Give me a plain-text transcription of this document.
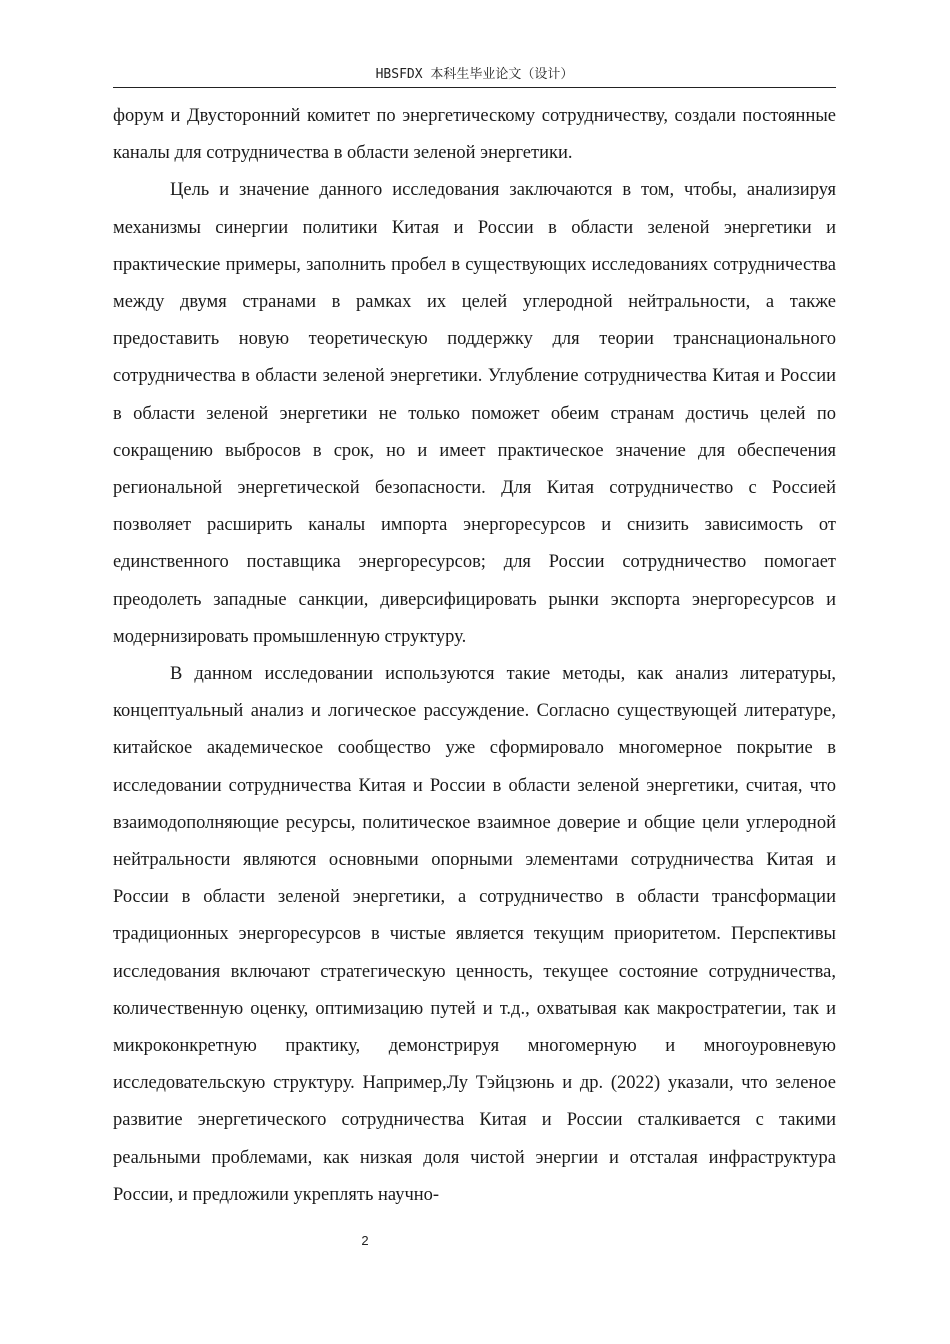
HBSFDX 本科生毕业论文（设计）

форум и Двусторонний комитет по энергетическому сотрудничеству, создали постоянные каналы для сотрудничества в области зеленой энергетики.

Цель и значение данного исследования заключаются в том, чтобы, анализируя механизмы синергии политики Китая и России в области зеленой энергетики и практические примеры, заполнить пробел в существующих исследованиях сотрудничества между двумя странами в рамках их целей углеродной нейтральности, а также предоставить новую теоретическую поддержку для теории транснационального сотрудничества в области зеленой энергетики. Углубление сотрудничества Китая и России в области зеленой энергетики не только поможет обеим странам достичь целей по сокращению выбросов в срок, но и имеет практическое значение для обеспечения региональной энергетической безопасности. Для Китая сотрудничество с Россией позволяет расширить каналы импорта энергоресурсов и снизить зависимость от единственного поставщика энергоресурсов; для России сотрудничество помогает преодолеть западные санкции, диверсифицировать рынки экспорта энергоресурсов и модернизировать промышленную структуру.

В данном исследовании используются такие методы, как анализ литературы, концептуальный анализ и логическое рассуждение. Согласно существующей литературе, китайское академическое сообщество уже сформировало многомерное покрытие в исследовании сотрудничества Китая и России в области зеленой энергетики, считая, что взаимодополняющие ресурсы, политическое взаимное доверие и общие цели углеродной нейтральности являются основными опорными элементами сотрудничества Китая и России в области зеленой энергетики, а сотрудничество в области трансформации традиционных энергоресурсов в чистые является текущим приоритетом. Перспективы исследования включают стратегическую ценность, текущее состояние сотрудничества, количественную оценку, оптимизацию путей и т.д., охватывая как макростратегии, так и микроконкретную практику, демонстрируя многомерную и многоуровневую исследовательскую структуру. Например,Лу Тэйцзюнь и др. (2022) указали, что зеленое развитие энергетического сотрудничества Китая и России сталкивается с такими реальными проблемами, как низкая доля чистой энергии и отсталая инфраструктура России, и предложили укреплять научно-

2
